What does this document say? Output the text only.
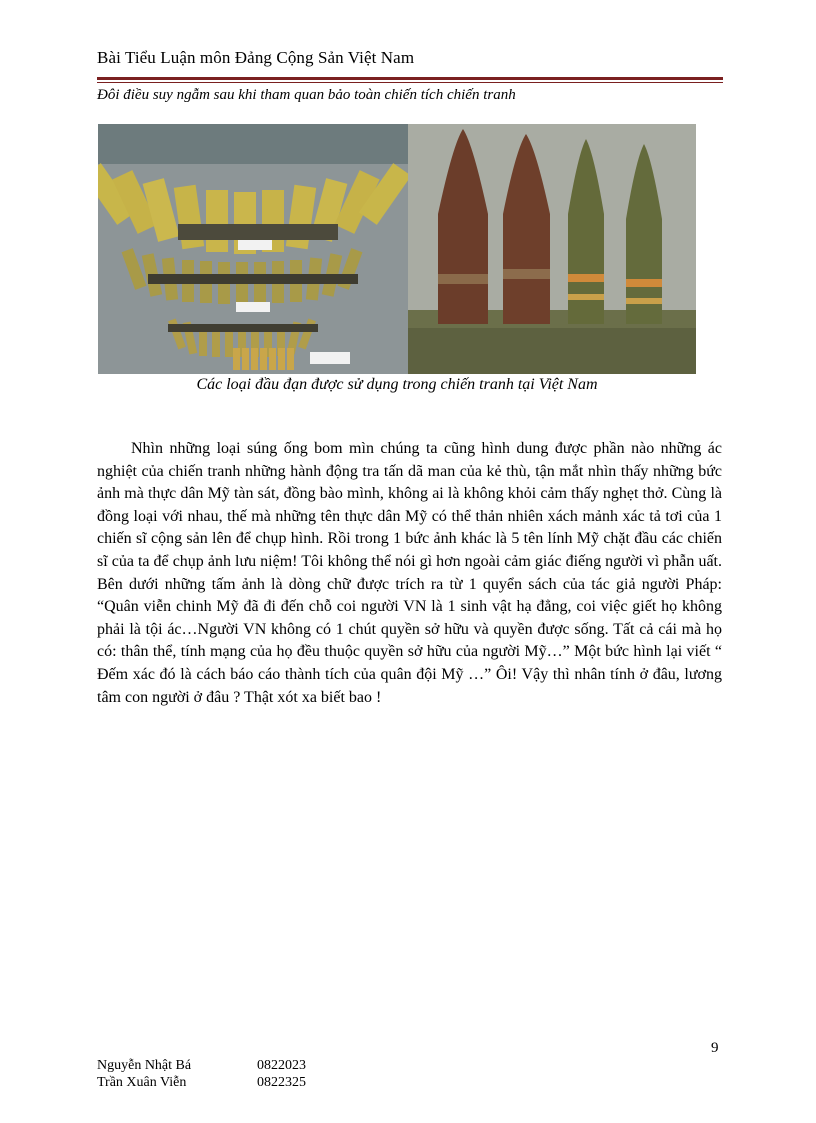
Bài Tiểu Luận môn Đảng Cộng Sản Việt Nam
Đôi điều suy ngẫm sau khi tham quan bảo toàn chiến tích chiến tranh
Các loại đầu đạn được sử dụng trong chiến tranh tại Việt Nam

Nhìn những loại súng ống bom mìn chúng ta cũng hình dung được phần nào những ác nghiệt của chiến tranh những hành động tra tấn dã man của kẻ thù, tận mắt nhìn thấy những bức ảnh mà thực dân Mỹ tàn sát, đồng bào mình, không ai là không khỏi cảm thấy nghẹt thở. Cùng là đồng loại với nhau, thế mà những tên thực dân Mỹ có thể thản nhiên xách mảnh xác tả tơi của 1 chiến sĩ cộng sản lên để chụp hình. Rồi trong 1 bức ảnh khác là 5 tên lính Mỹ chặt đầu các chiến sĩ của ta để chụp ảnh lưu niệm! Tôi không thể nói gì hơn ngoài cảm giác điếng người vì phẫn uất. Bên dưới những tấm ảnh là dòng chữ được trích ra từ 1 quyển sách của tác giả người Pháp: “Quân viễn chinh Mỹ đã đi đến chỗ coi người VN là 1 sinh vật hạ đẳng, coi việc giết họ không phải là tội ác…Người VN không có 1 chút quyền sở hữu và quyền được sống. Tất cả cái mà họ có: thân thể, tính mạng của họ đều thuộc quyền sở hữu của người Mỹ…” Một bức hình lại viết “ Đếm xác đó là cách báo cáo thành tích của quân đội Mỹ …” Ôi! Vậy thì nhân tính ở đâu, lương tâm con người ở đâu ? Thật xót xa biết bao !

9
Nguyễn Nhật Bá	0822023
Trần Xuân Viễn	0822325
